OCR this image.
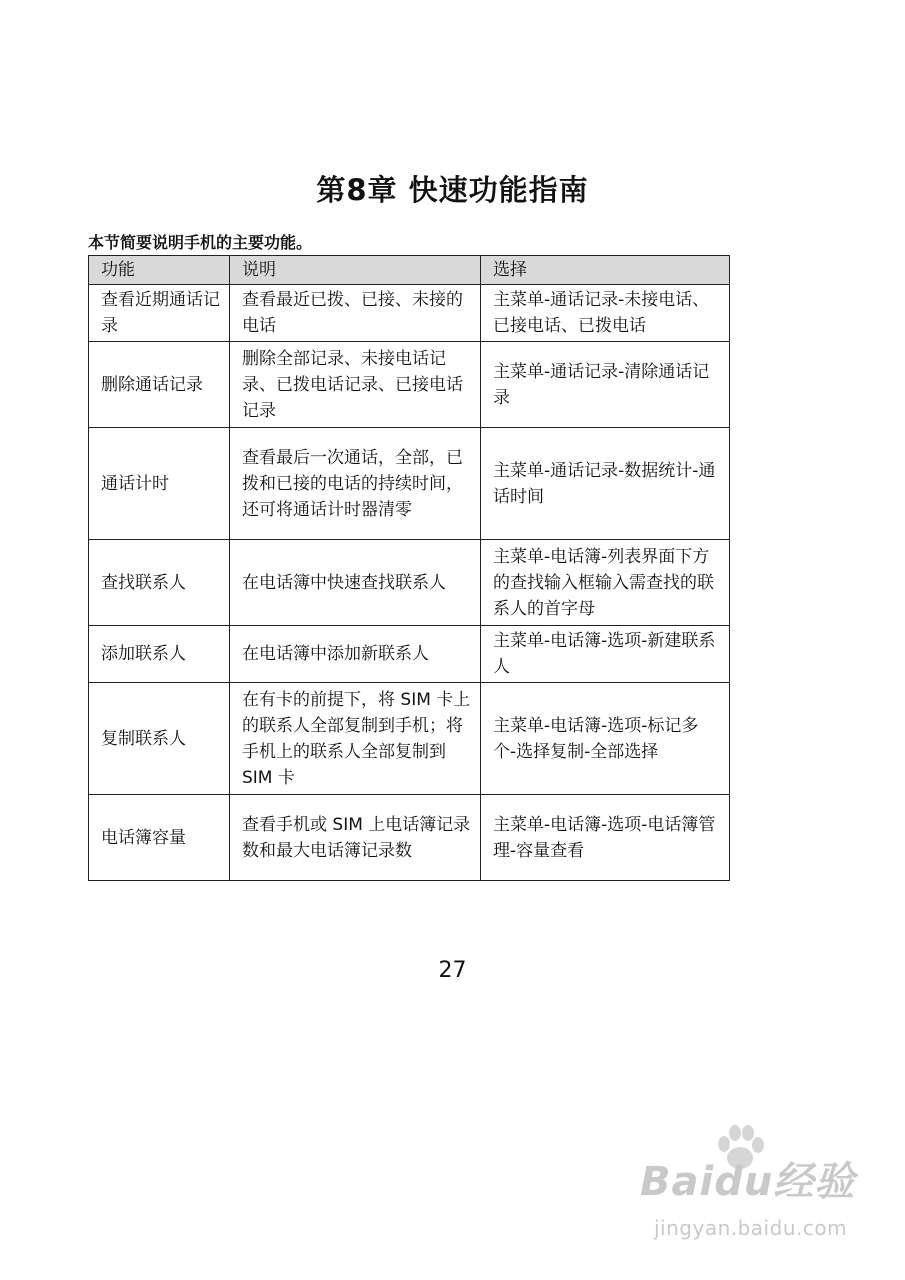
第8章 快速功能指南
本节简要说明手机的主要功能。
功能	说明	选择
查看近期通话记录	查看最近已拨、已接、未接的电话	主菜单-通话记录-未接电话、已接电话、已拨电话
删除通话记录	删除全部记录、未接电话记录、已拨电话记录、已接电话记录	主菜单-通话记录-清除通话记录
通话计时	查看最后一次通话，全部，已拨和已接的电话的持续时间，还可将通话计时器清零	主菜单-通话记录-数据统计-通话时间
查找联系人	在电话簿中快速查找联系人	主菜单-电话簿-列表界面下方的查找输入框输入需查找的联系人的首字母
添加联系人	在电话簿中添加新联系人	主菜单-电话簿-选项-新建联系人
复制联系人	在有卡的前提下，将 SIM 卡上的联系人全部复制到手机；将手机上的联系人全部复制到 SIM 卡	主菜单-电话簿-选项-标记多个-选择复制-全部选择
电话簿容量	查看手机或 SIM 上电话簿记录数和最大电话簿记录数	主菜单-电话簿-选项-电话簿管理-容量查看
27
Baidu经验
jingyan.baidu.com
